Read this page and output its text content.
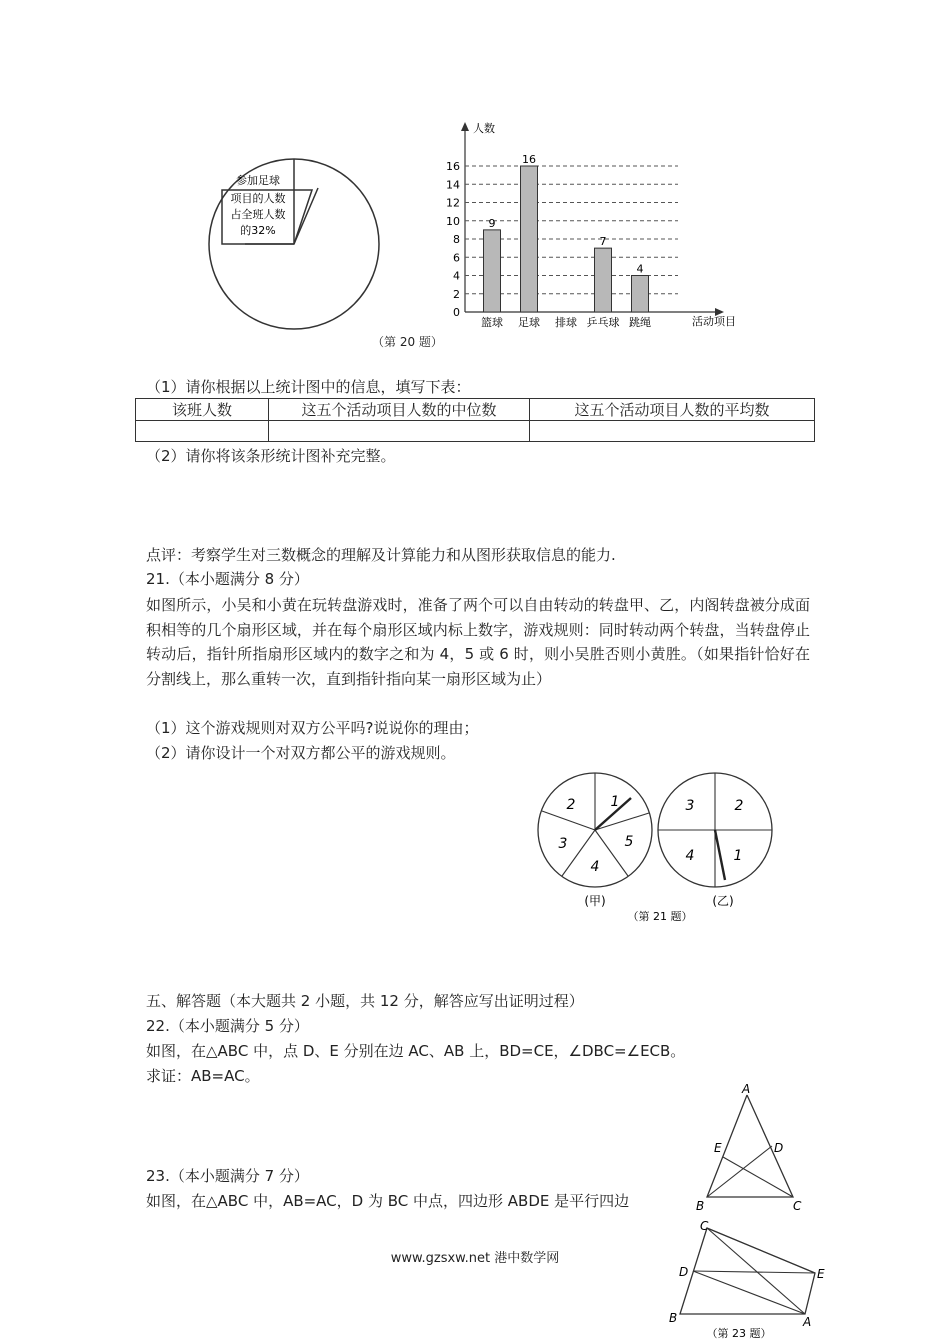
参加足球
项目的人数
占全班人数
的32%
人数
活动项目
0
2
4
6
8
10
12
14
16
9
篮球
16
足球 排球
7
乒乓球
4
跳绳
（第 20 题）
（1）请你根据以上统计图中的信息，填写下表：
该班人数	这五个活动项目人数的中位数	这五个活动项目人数的平均数

（2）请你将该条形统计图补充完整。
点评：考察学生对三数概念的理解及计算能力和从图形获取信息的能力.
21.（本小题满分 8 分）
如图所示，小吴和小黄在玩转盘游戏时，准备了两个可以自由转动的转盘甲、乙，内阁转盘被分成面积相等的几个扇形区域，并在每个扇形区域内标上数字，游戏规则：同时转动两个转盘，当转盘停止转动后，指针所指扇形区域内的数字之和为 4，5 或 6 时，则小吴胜否则小黄胜。（如果指针恰好在分割线上，那么重转一次，直到指针指向某一扇形区域为止）
（1）这个游戏规则对双方公平吗?说说你的理由；
（2）请你设计一个对双方都公平的游戏规则。
2	1
3	5
4
(甲)
3	2
4	1
(乙)
（第 21 题）
五、解答题（本大题共 2 小题，共 12 分，解答应写出证明过程）
22.（本小题满分 5 分）
如图，在△ABC 中，点 D、E 分别在边 AC、AB 上，BD=CE，∠DBC=∠ECB。
求证：AB=AC。
A
B	C
D
E
23.（本小题满分 7 分）
如图，在△ABC 中，AB=AC，D 为 BC 中点，四边形 ABDE 是平行四边
C
D	E
B	A
（第 23 题）
www.gzsxw.net 港中数学网
